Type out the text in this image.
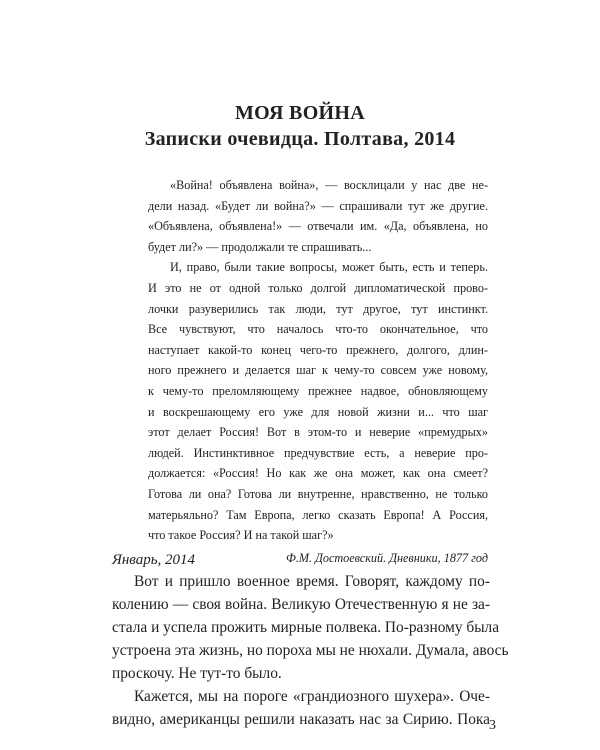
МОЯ ВОЙНА
Записки очевидца. Полтава, 2014
«Война! объявлена война», — восклицали у нас две не-
дели назад. «Будет ли война?» — спрашивали тут же другие.
«Объявлена, объявлена!» — отвечали им. «Да, объявлена, но
будет ли?» — продолжали те спрашивать...
И, право, были такие вопросы, может быть, есть и теперь.
И это не от одной только долгой дипломатической прово-
лочки разуверились так люди, тут другое, тут инстинкт.
Все чувствуют, что началось что-то окончательное, что
наступает какой-то конец чего-то прежнего, долгого, длин-
ного прежнего и делается шаг к чему-то совсем уже новому,
к чему-то преломляющему прежнее надвое, обновляющему
и воскрешающему его уже для новой жизни и... что шаг
этот делает Россия! Вот в этом-то и неверие «премудрых»
людей. Инстинктивное предчувствие есть, а неверие про-
должается: «Россия! Но как же она может, как она смеет?
Готова ли она? Готова ли внутренне, нравственно, не только
матерьяльно? Там Европа, легко сказать Европа! А Россия,
что такое Россия? И на такой шаг?»
Ф.М. Достоевский. Дневники, 1877 год
Январь, 2014
Вот и пришло военное время. Говорят, каждому по-
колению — своя война. Великую Отечественную я не за-
стала и успела прожить мирные полвека. По-разному была
устроена эта жизнь, но пороха мы не нюхали. Думала, авось
проскочу. Не тут-то было.
Кажется, мы на пороге «грандиозного шухера». Оче-
видно, американцы решили наказать нас за Сирию. Пока 3
